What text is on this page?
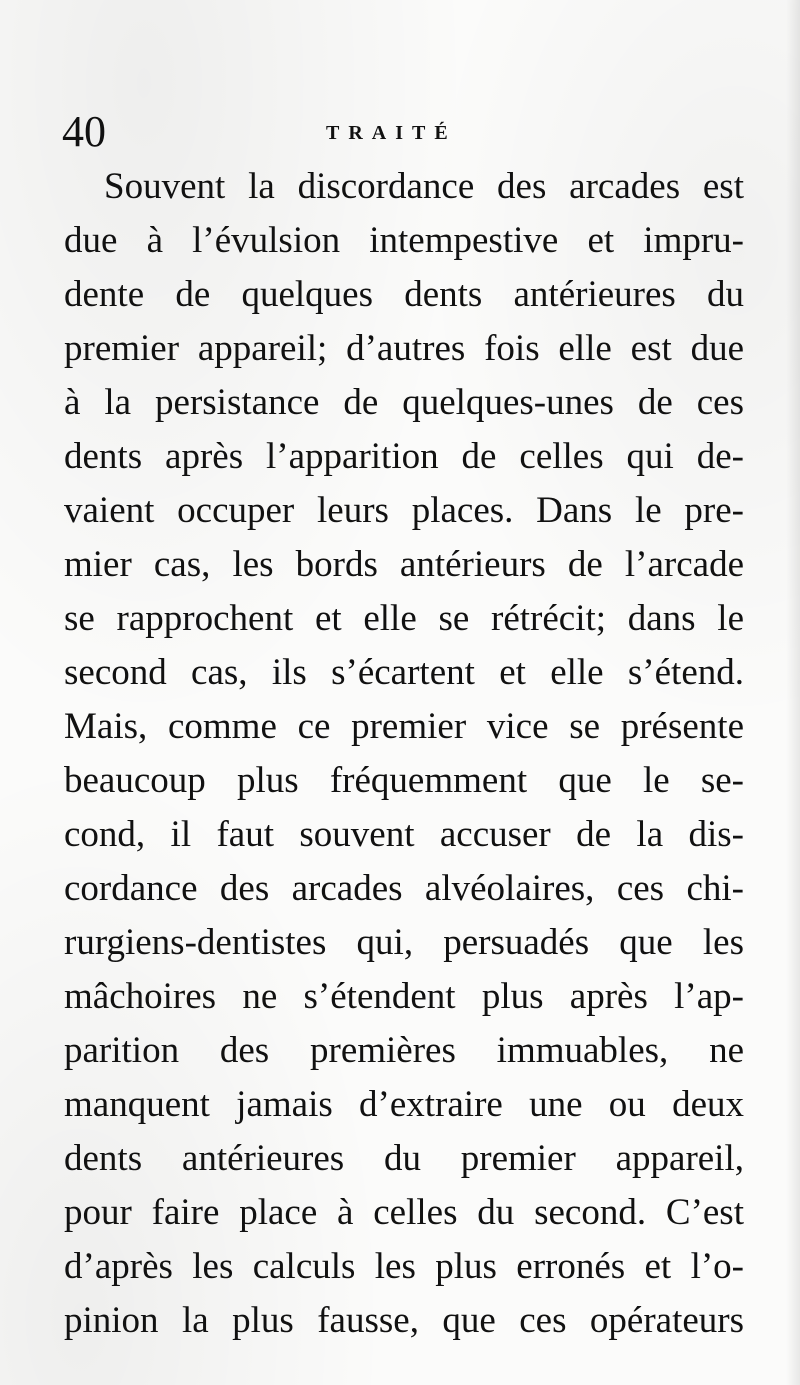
40	TRAITÉ
Souvent la discordance des arcades est
due à l’évulsion intempestive et impru-
dente de quelques dents antérieures du
premier appareil; d’autres fois elle est due
à la persistance de quelques-unes de ces
dents après l’apparition de celles qui de-
vaient occuper leurs places. Dans le pre-
mier cas, les bords antérieurs de l’arcade
se rapprochent et elle se rétrécit; dans le
second cas, ils s’écartent et elle s’étend.
Mais, comme ce premier vice se présente
beaucoup plus fréquemment que le se-
cond, il faut souvent accuser de la dis-
cordance des arcades alvéolaires, ces chi-
rurgiens-dentistes qui, persuadés que les
mâchoires ne s’étendent plus après l’ap-
parition des premières immuables, ne
manquent jamais d’extraire une ou deux
dents antérieures du premier appareil,
pour faire place à celles du second. C’est
d’après les calculs les plus erronés et l’o-
pinion la plus fausse, que ces opérateurs
